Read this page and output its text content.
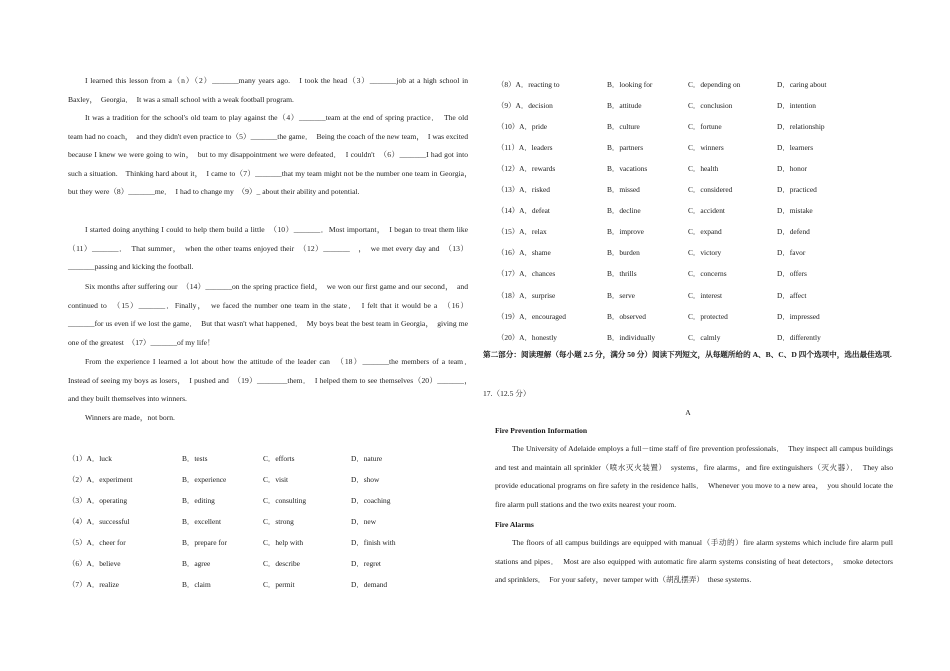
I learned this lesson from a（n）（2）_______many years ago.　I took the head（3）_______job at a high school in Baxley，　Georgia．　It was a small school with a weak football program.

It was a tradition for the school's old team to play against the（4）_______team at the end of spring practice．　The old team had no coach，　and they didn't even practice to（5）_______the game．　Being the coach of the new team，　I was excited because I knew we were going to win，　but to my disappointment we were defeated．　I couldn't　（6）_______I had got into such a situation.　Thinking hard about it，　I came to（7）_______that my team might not be the number one team in Georgia，　but they were（8）_______me．　I had to change my　（9）_ about their ability and potential.

I started doing anything I could to help them build a little　（10）_______．Most important，　I began to treat them like　（11）_______．　That summer，　when the other teams enjoyed their　（12）_______　，　we met every day and　（13）_______passing and kicking the football.

Six months after suffering our　（14）_______on the spring practice field，　we won our first game and our second，　and continued to　（15）_______．Finally，　we faced the number one team in the state．　I felt that it would be a　（16）_______for us even if we lost the game．　But that wasn't what happened．　My boys beat the best team in Georgia，　giving me one of the greatest　（17）_______of my life！

From the experience I learned a lot about how the attitude of the leader can　（18）_______the members of a team．　Instead of seeing my boys as losers，　I pushed and　（19）________them．　I helped them to see themselves（20）_______，　and they built themselves into winners.

Winners are made，not born.

（1）A．luck	B．tests	C．efforts	D．nature
（2）A．experiment	B．experience	C．visit	D．show
（3）A．operating	B．editing	C．consulting	D．coaching
（4）A．successful	B．excellent	C．strong	D．new
（5）A．cheer for	B．prepare for	C．help with	D．finish with
（6）A．believe	B．agree	C．describe	D．regret
（7）A．realize	B．claim	C．permit	D．demand
（8）A．reacting to	B．looking for	C．depending on	D．caring about
（9）A．decision	B．attitude	C．conclusion	D．intention
（10）A．pride	B．culture	C．fortune	D．relationship
（11）A．leaders	B．partners	C．winners	D．learners
（12）A．rewards	B．vacations	C．health	D．honor
（13）A．risked	B．missed	C．considered	D．practiced
（14）A．defeat	B．decline	C．accident	D．mistake
（15）A．relax	B．improve	C．expand	D．defend
（16）A．shame	B．burden	C．victory	D．favor
（17）A．chances	B．thrills	C．concerns	D．offers
（18）A．surprise	B．serve	C．interest	D．affect
（19）A．encouraged	B．observed	C．protected	D．impressed
（20）A．honestly	B．individually	C．calmly	D．differently

第二部分：阅读理解（每小题 2.5 分，满分 50 分）阅读下列短文，从每题所给的 A、B、C、D 四个选项中，选出最佳选项.

17.（12.5 分）

A

Fire Prevention Information

The University of Adelaide employs a full－time staff of fire prevention professionals．　They inspect all campus buildings and test and maintain all sprinkler（喷水灭火装置）　systems，fire alarms，and fire extinguishers（灭火器）．　They also provide educational programs on fire safety in the residence halls．　Whenever you move to a new area，　you should locate the fire alarm pull stations and the two exits nearest your room.

Fire Alarms

The floors of all campus buildings are equipped with manual（手动的）fire alarm systems which include fire alarm pull stations and pipes．　Most are also equipped with automatic fire alarm systems consisting of heat detectors，　smoke detectors and sprinklers．　For your safety，never tamper with（胡乱摆弄）　these systems.
